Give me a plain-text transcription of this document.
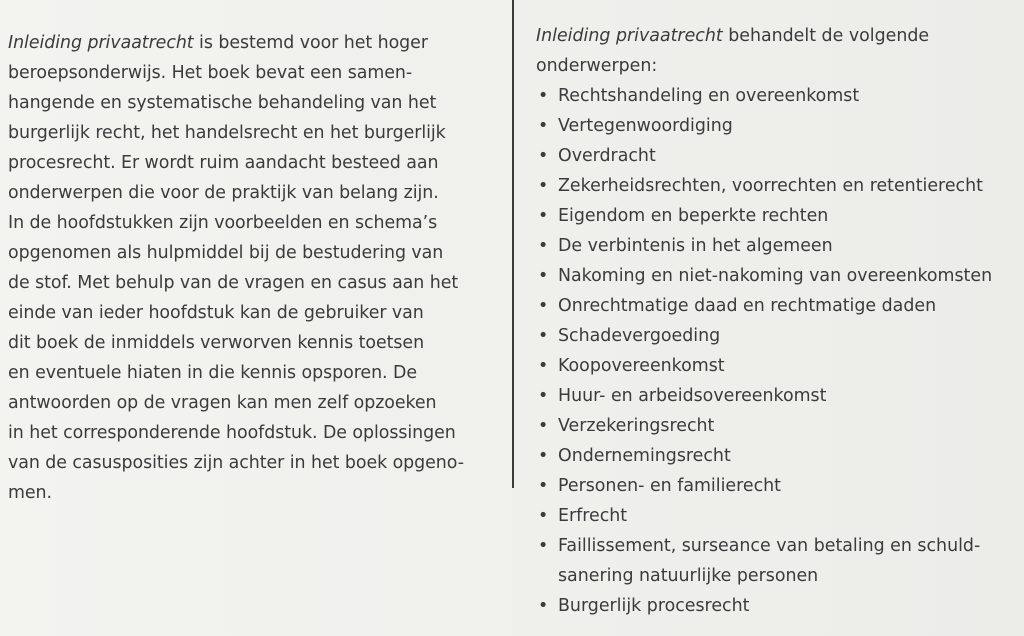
Inleiding privaatrecht is bestemd voor het hoger
beroepsonderwijs. Het boek bevat een samen-
hangende en systematische behandeling van het
burgerlijk recht, het handelsrecht en het burgerlijk
procesrecht. Er wordt ruim aandacht besteed aan
onderwerpen die voor de praktijk van belang zijn.
In de hoofdstukken zijn voorbeelden en schema’s
opgenomen als hulpmiddel bij de bestudering van
de stof. Met behulp van de vragen en casus aan het
einde van ieder hoofdstuk kan de gebruiker van
dit boek de inmiddels verworven kennis toetsen
en eventuele hiaten in die kennis opsporen. De
antwoorden op de vragen kan men zelf opzoeken
in het corresponderende hoofdstuk. De oplossingen
van de casusposities zijn achter in het boek opgeno-
men.

Inleiding privaatrecht behandelt de volgende
onderwerpen:

• Rechtshandeling en overeenkomst
• Vertegenwoordiging
• Overdracht
• Zekerheidsrechten, voorrechten en retentierecht
• Eigendom en beperkte rechten
• De verbintenis in het algemeen
• Nakoming en niet-nakoming van overeenkomsten
• Onrechtmatige daad en rechtmatige daden
• Schadevergoeding
• Koopovereenkomst
• Huur- en arbeidsovereenkomst
• Verzekeringsrecht
• Ondernemingsrecht
• Personen- en familierecht
• Erfrecht
• Faillissement, surseance van betaling en schuld-
sanering natuurlijke personen
• Burgerlijk procesrecht
